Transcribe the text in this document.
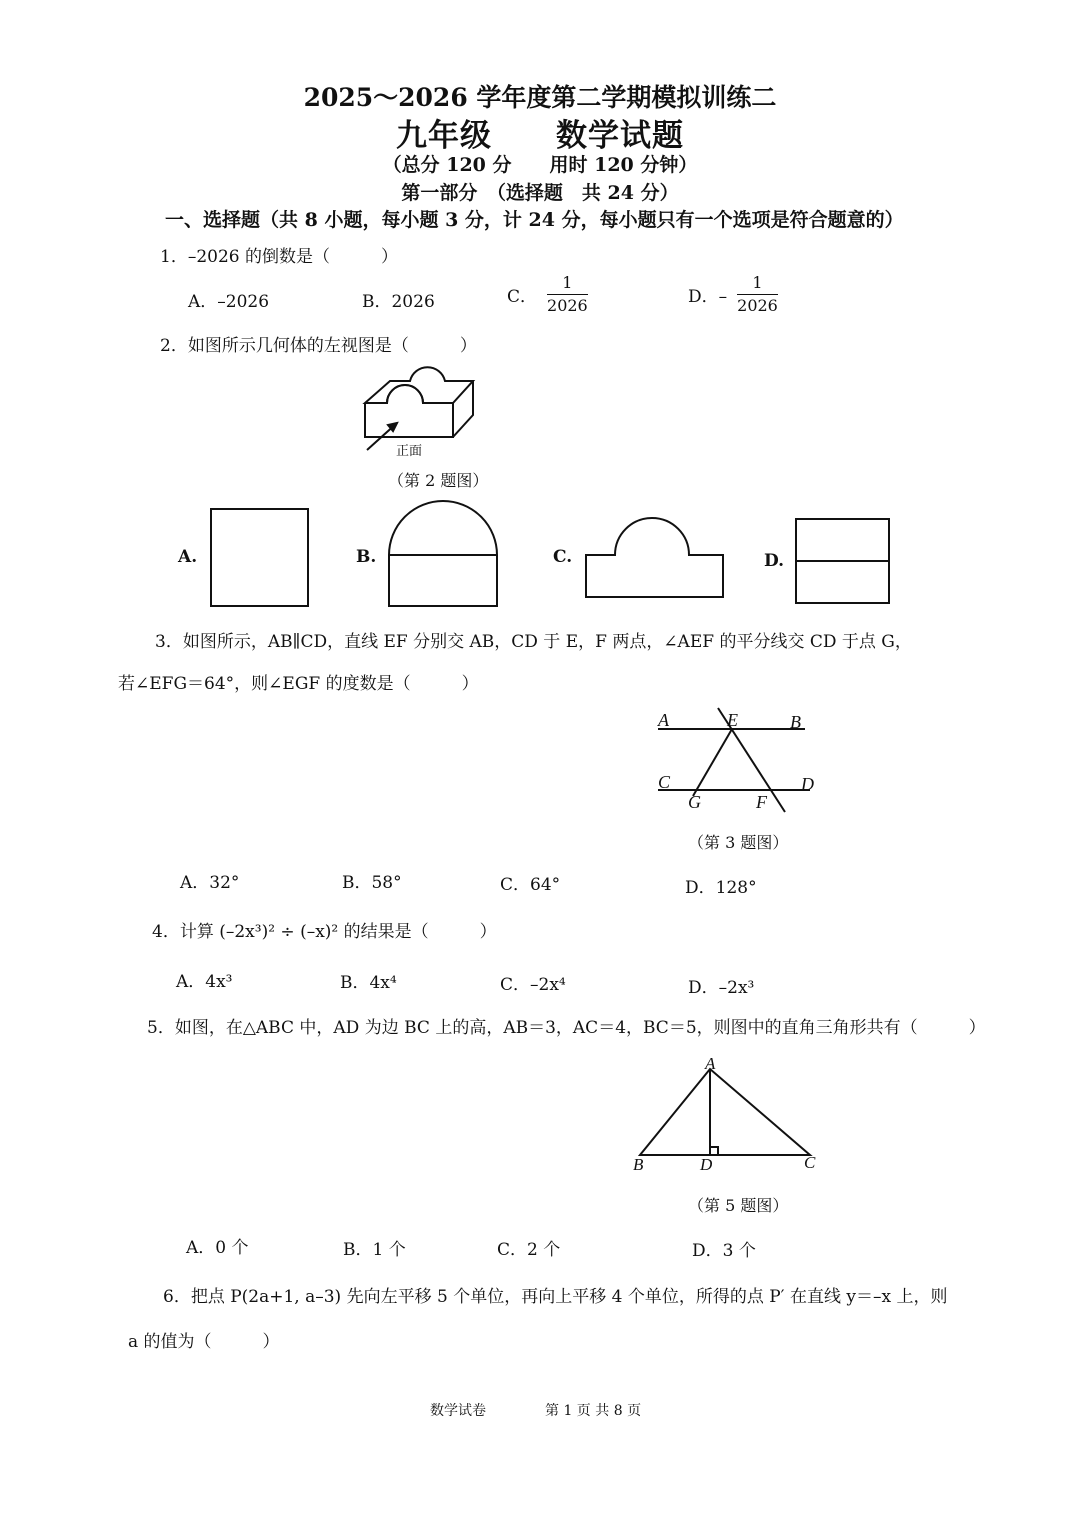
2025～2026 学年度第二学期模拟训练二
九年级　　数学试题
（总分 120 分　　用时 120 分钟）
第一部分　（选择题　共 24 分）
一、选择题（共 8 小题，每小题 3 分，计 24 分，每小题只有一个选项是符合题意的）
1．–2026 的倒数是（　　　）
A．–2026	B．2026	C． $\frac{1}{2026}$	D．– $\frac{1}{2026}$
2．如图所示几何体的左视图是（　　　）
正面
（第 2 题图）
A.	B.	C.	D.
3．如图所示，AB∥CD，直线 EF 分别交 AB，CD 于 E，F 两点，∠AEF 的平分线交 CD 于点 G，
若∠EFG＝64°，则∠EGF 的度数是（　　　）
A	E	B
C	D
G	F
（第 3 题图）
A．32°	B．58°	C．64°	D．128°
4．计算 (–2x³)² ÷ (–x)² 的结果是（　　　）
A．4x³	B．4x⁴	C．–2x⁴	D．–2x³
5．如图，在△ABC 中，AD 为边 BC 上的高，AB＝3，AC＝4，BC＝5，则图中的直角三角形共有（　　　）
A
B	D	C
（第 5 题图）
A．0 个	B．1 个	C．2 个	D．3 个
6．把点 P(2a+1, a–3) 先向左平移 5 个单位，再向上平移 4 个单位，所得的点 P′ 在直线 y＝–x 上，则
a 的值为（　　　）
数学试卷	第 1 页 共 8 页
